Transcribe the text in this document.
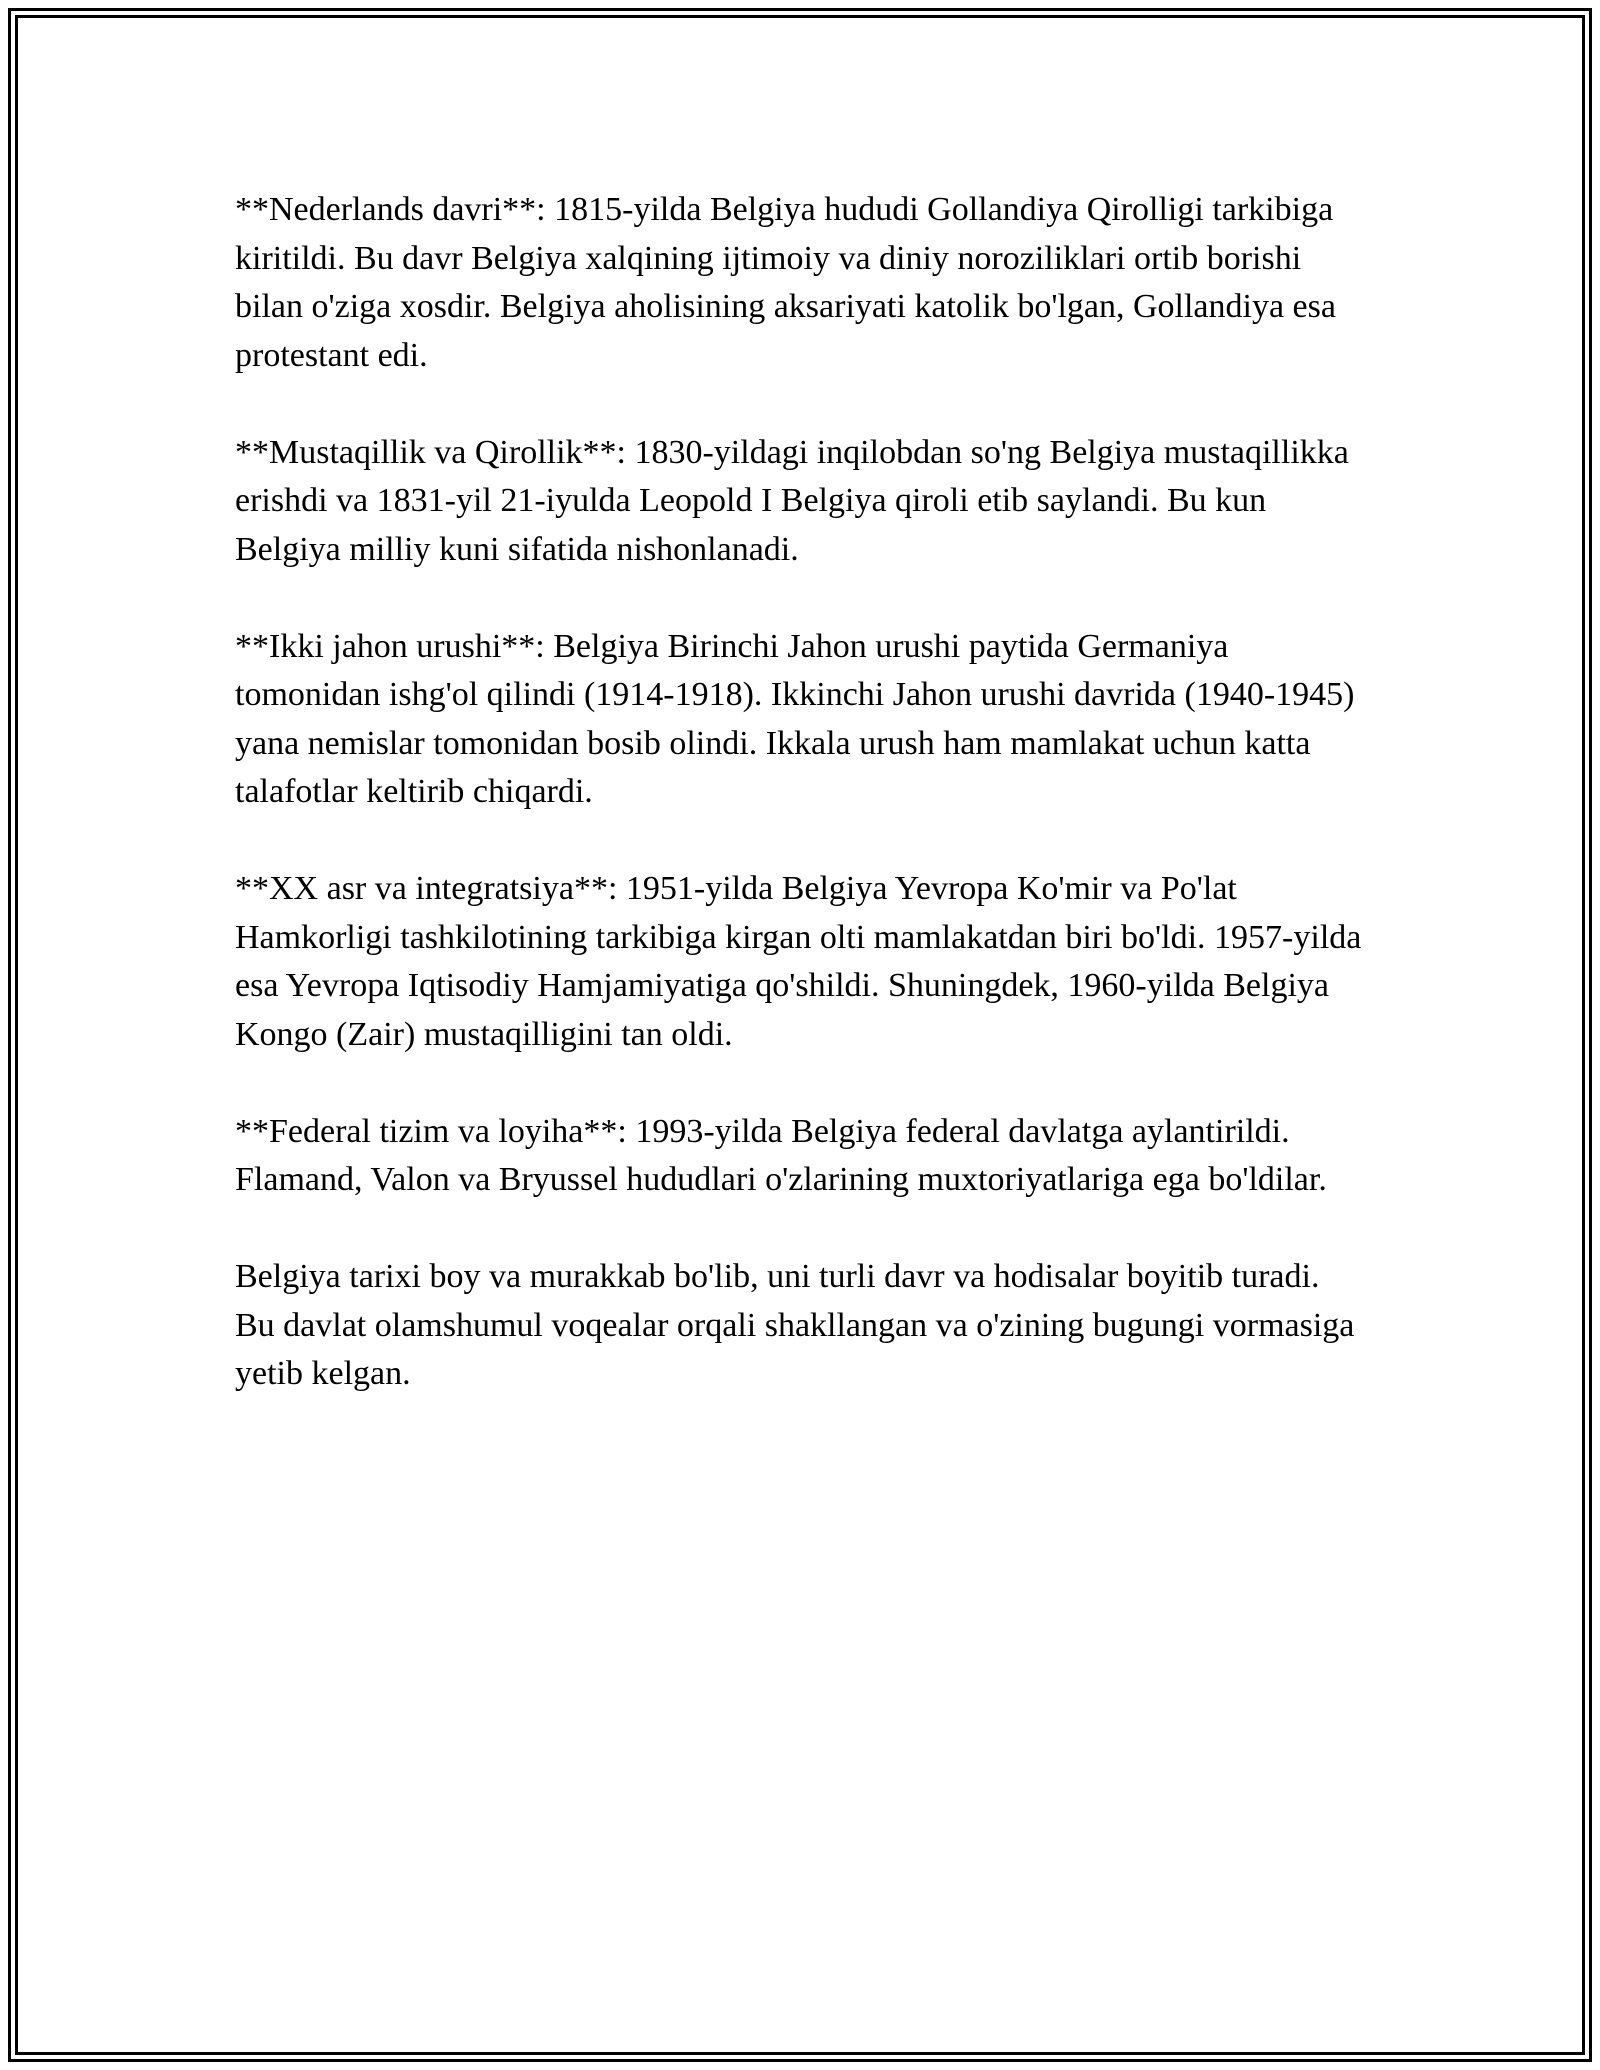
**Nederlands davri**: 1815-yilda Belgiya hududi Gollandiya Qirolligi tarkibiga kiritildi. Bu davr Belgiya xalqining ijtimoiy va diniy noroziliklari ortib borishi bilan o'ziga xosdir. Belgiya aholisining aksariyati katolik bo'lgan, Gollandiya esa protestant edi.

**Mustaqillik va Qirollik**: 1830-yildagi inqilobdan so'ng Belgiya mustaqillikka erishdi va 1831-yil 21-iyulda Leopold I Belgiya qiroli etib saylandi. Bu kun Belgiya milliy kuni sifatida nishonlanadi.

**Ikki jahon urushi**: Belgiya Birinchi Jahon urushi paytida Germaniya tomonidan ishg'ol qilindi (1914-1918). Ikkinchi Jahon urushi davrida (1940-1945) yana nemislar tomonidan bosib olindi. Ikkala urush ham mamlakat uchun katta talafotlar keltirib chiqardi.

**XX asr va integratsiya**: 1951-yilda Belgiya Yevropa Ko'mir va Po'lat Hamkorligi tashkilotining tarkibiga kirgan olti mamlakatdan biri bo'ldi. 1957-yilda esa Yevropa Iqtisodiy Hamjamiyatiga qo'shildi. Shuningdek, 1960-yilda Belgiya Kongo (Zair) mustaqilligini tan oldi.

**Federal tizim va loyiha**: 1993-yilda Belgiya federal davlatga aylantirildi. Flamand, Valon va Bryussel hududlari o'zlarining muxtoriyatlariga ega bo'ldilar.

Belgiya tarixi boy va murakkab bo'lib, uni turli davr va hodisalar boyitib turadi. Bu davlat olamshumul voqealar orqali shakllangan va o'zining bugungi vormasiga yetib kelgan.
